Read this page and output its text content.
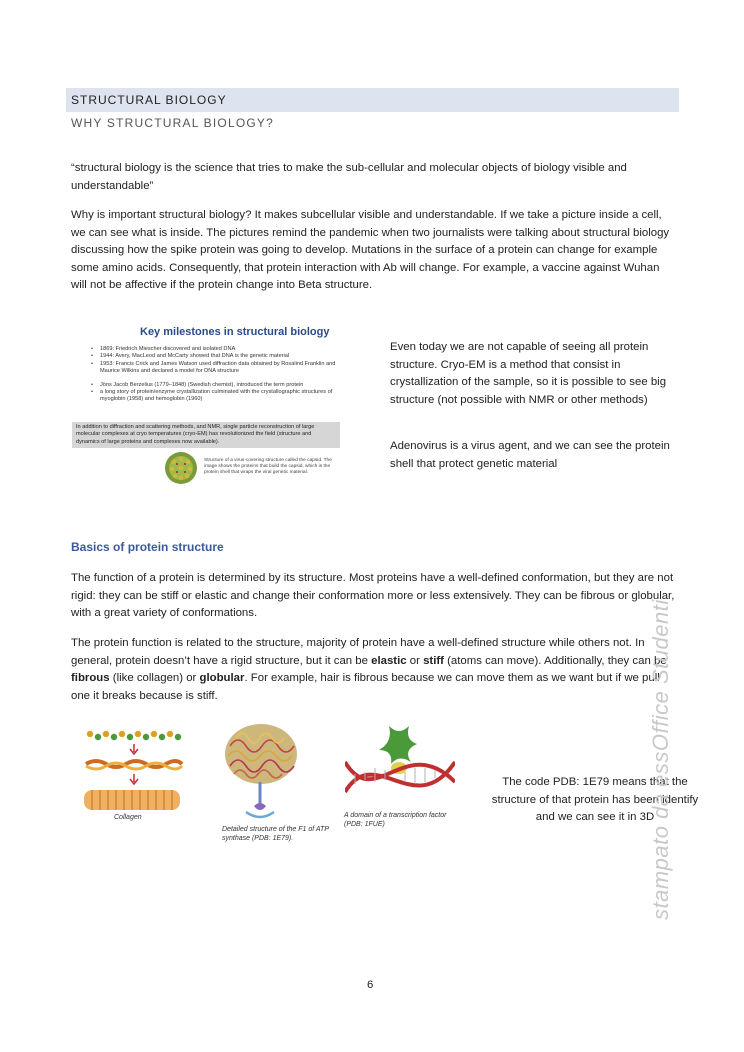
STRUCTURAL BIOLOGY
WHY STRUCTURAL BIOLOGY?

“structural biology is the science that tries to make the sub-cellular and molecular objects of biology visible and understandable”

Why is important structural biology? It makes subcellular visible and understandable. If we take a picture inside a cell, we can see what is inside. The pictures remind the pandemic when two journalists were talking about structural biology discussing how the spike protein was going to develop. Mutations in the surface of a protein can change for example some amino acids. Consequently, that protein interaction with Ab will change. For example, a vaccine against Wuhan will not be affective if the protein change into Beta structure.

Key milestones in structural biology
• 1869: Friedrich Miescher discovered and isolated DNA
• 1944: Avery, MacLeod and McCarty showed that DNA is the genetic material
• 1953: Francis Crick and James Watson used diffraction data obtained by Rosalind Franklin and Maurice Wilkins and declared a model for DNA structure
• Jöns Jacob Berzelius (1779–1848) (Swedish chemist), introduced the term protein
• a long story of protein/enzyme crystallization culminated with the crystallographic structures of myoglobin (1958) and hemoglobin (1960)
In addition to diffraction and scattering methods, and NMR, single particle reconstruction of large molecular complexes at cryo temperatures (cryo-EM) has revolutionized the field (structure and dynamics of large proteins and complexes now available).
Structure of a virus-covering structure called the capsid. The image shows the proteins that build the capsid, which is the protein shell that wraps the viral genetic material.

Even today we are not capable of seeing all protein structure. Cryo-EM is a method that consist in crystallization of the sample, so it is possible to see big structure (not possible with NMR or other methods)

Adenovirus is a virus agent, and we can see the protein shell that protect genetic material

Basics of protein structure

The function of a protein is determined by its structure. Most proteins have a well-defined conformation, but they are not rigid: they can be stiff or elastic and change their conformation more or less extensively. They can be fibrous or globular, with a great variety of conformations.

The protein function is related to the structure, majority of protein have a well-defined structure while others not. In general, protein doesn’t have a rigid structure, but it can be elastic or stiff (atoms can move). Additionally, they can be fibrous (like collagen) or globular. For example, hair is fibrous because we can move them as we want but if we pull one it breaks because is stiff.

Collagen
Detailed structure of the F1 of ATP synthase (PDB: 1E79).
A domain of a transcription factor (PDB: 1FUE)
The code PDB: 1E79 means that the structure of that protein has been identify and we can see it in 3D
stampato da essOffice Studenti
6
